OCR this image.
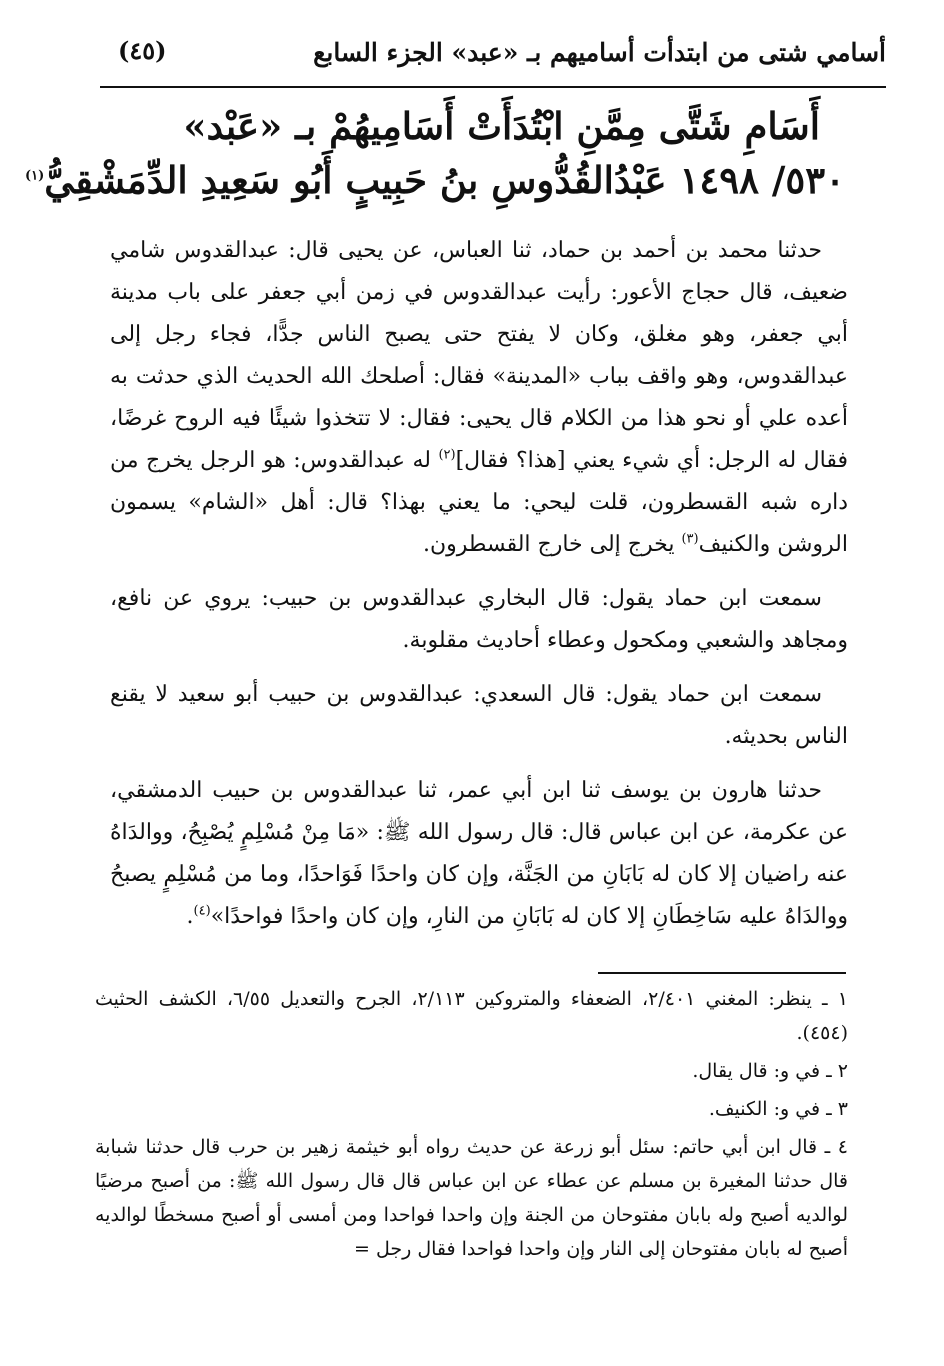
أسامي شتى من ابتدأت أساميهم بـ «عبد» الجزء السابع
(٤٥)
أَسَامِ شَتَّى مِمَّنِ ابْتُدَأَتْ أَسَامِيهُمْ بـ «عَبْد»
٥٣٠/ ١٤٩٨ عَبْدُالقُدُّوسِ بنُ حَبِيبٍ أَبُو سَعِيدِ الدِّمَشْقِيُّ$^{(١)}$

حدثنا محمد بن أحمد بن حماد، ثنا العباس، عن يحيى قال: عبدالقدوس شامي ضعيف، قال حجاج الأعور: رأيت عبدالقدوس في زمن أبي جعفر على باب مدينة أبي جعفر، وهو مغلق، وكان لا يفتح حتى يصبح الناس جدًّا، فجاء رجل إلى عبدالقدوس، وهو واقف بباب «المدينة» فقال: أصلحك الله الحديث الذي حدثت به أعده علي أو نحو هذا من الكلام قال يحيى: فقال: لا تتخذوا شيئًا فيه الروح غرضًا، فقال له الرجل: أي شيء يعني [هذا؟ فقال]$^{(٢)}$ له عبدالقدوس: هو الرجل يخرج من داره شبه القسطرون، قلت ليحي: ما يعني بهذا؟ قال: أهل «الشام» يسمون الروشن والكنيف$^{(٣)}$ يخرج إلى خارج القسطرون.

سمعت ابن حماد يقول: قال البخاري عبدالقدوس بن حبيب: يروي عن نافع، ومجاهد والشعبي ومكحول وعطاء أحاديث مقلوبة.

سمعت ابن حماد يقول: قال السعدي: عبدالقدوس بن حبيب أبو سعيد لا يقنع الناس بحديثه.

حدثنا هارون بن يوسف ثنا ابن أبي عمر، ثنا عبدالقدوس بن حبيب الدمشقي، عن عكرمة، عن ابن عباس قال: قال رسول الله ﷺ: «مَا مِنْ مُسْلِمٍ يُصْبِحُ، ووالدَاهُ عنه راضيان إلا كان له بَابَانِ من الجَنَّة، وإن كان واحدًا فَوَاحدًا، وما من مُسْلِمٍ يصبحُ ووالدَاهُ عليه سَاخِطَانِ إلا كان له بَابَانِ من النارِ، وإن كان واحدًا فواحدًا»$^{(٤)}$.

١ ـ ينظر: المغني ٢/٤٠١، الضعفاء والمتروكين ٢/١١٣، الجرح والتعديل ٦/٥٥، الكشف الحثيث (٤٥٤).
٢ ـ في و: قال يقال.
٣ ـ في و: الكنيف.
٤ ـ قال ابن أبي حاتم: سئل أبو زرعة عن حديث رواه أبو خيثمة زهير بن حرب قال حدثنا شبابة قال حدثنا المغيرة بن مسلم عن عطاء عن ابن عباس قال قال رسول الله ﷺ: من أصبح مرضيًا لوالديه أصبح وله بابان مفتوحان من الجنة وإن واحدا فواحدا ومن أمسى أو أصبح مسخطًا لوالديه أصبح له بابان مفتوحان إلى النار وإن واحدا فواحدا فقال رجل =
